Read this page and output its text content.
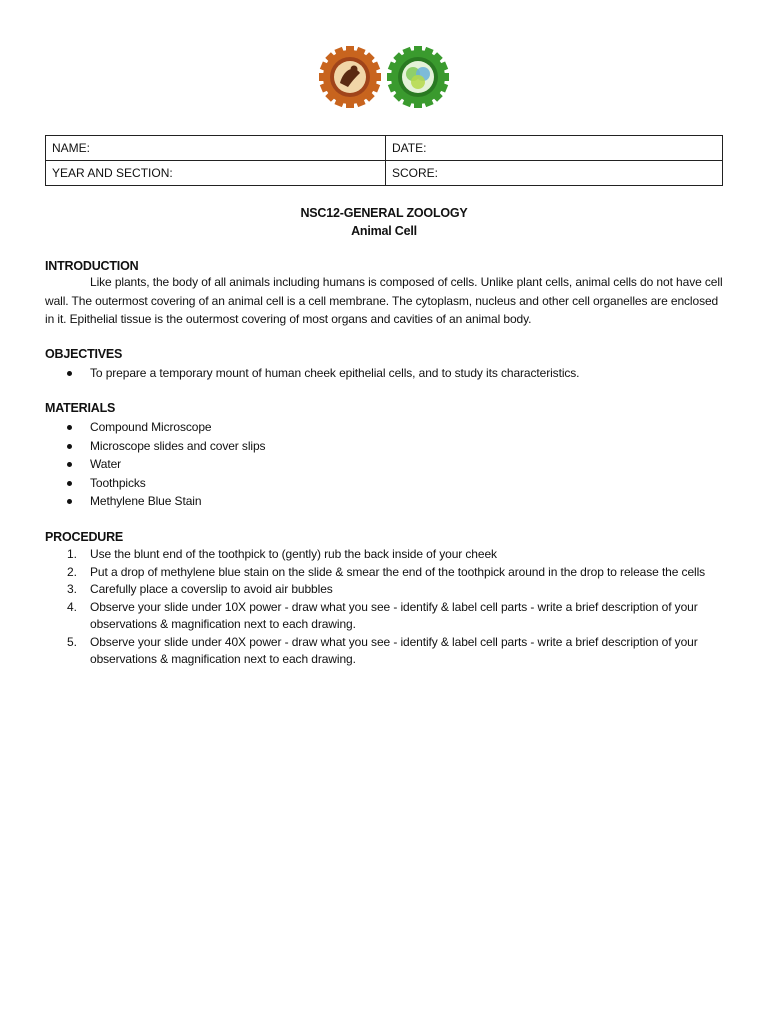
NAME:	DATE:
YEAR AND SECTION:	SCORE:
NSC12-GENERAL ZOOLOGY
Animal Cell
INTRODUCTION
Like plants, the body of all animals including humans is composed of cells. Unlike plant cells, animal cells do not have cell wall. The outermost covering of an animal cell is a cell membrane. The cytoplasm, nucleus and other cell organelles are enclosed in it. Epithelial tissue is the outermost covering of most organs and cavities of an animal body.
OBJECTIVES
To prepare a temporary mount of human cheek epithelial cells, and to study its characteristics.
MATERIALS
Compound Microscope
Microscope slides and cover slips
Water
Toothpicks
Methylene Blue Stain
PROCEDURE
1. Use the blunt end of the toothpick to (gently) rub the back inside of your cheek
2. Put a drop of methylene blue stain on the slide & smear the end of the toothpick around in the drop to release the cells
3. Carefully place a coverslip to avoid air bubbles
4. Observe your slide under 10X power - draw what you see - identify & label cell parts - write a brief description of your observations & magnification next to each drawing.
5. Observe your slide under 40X power - draw what you see - identify & label cell parts - write a brief description of your observations & magnification next to each drawing.
